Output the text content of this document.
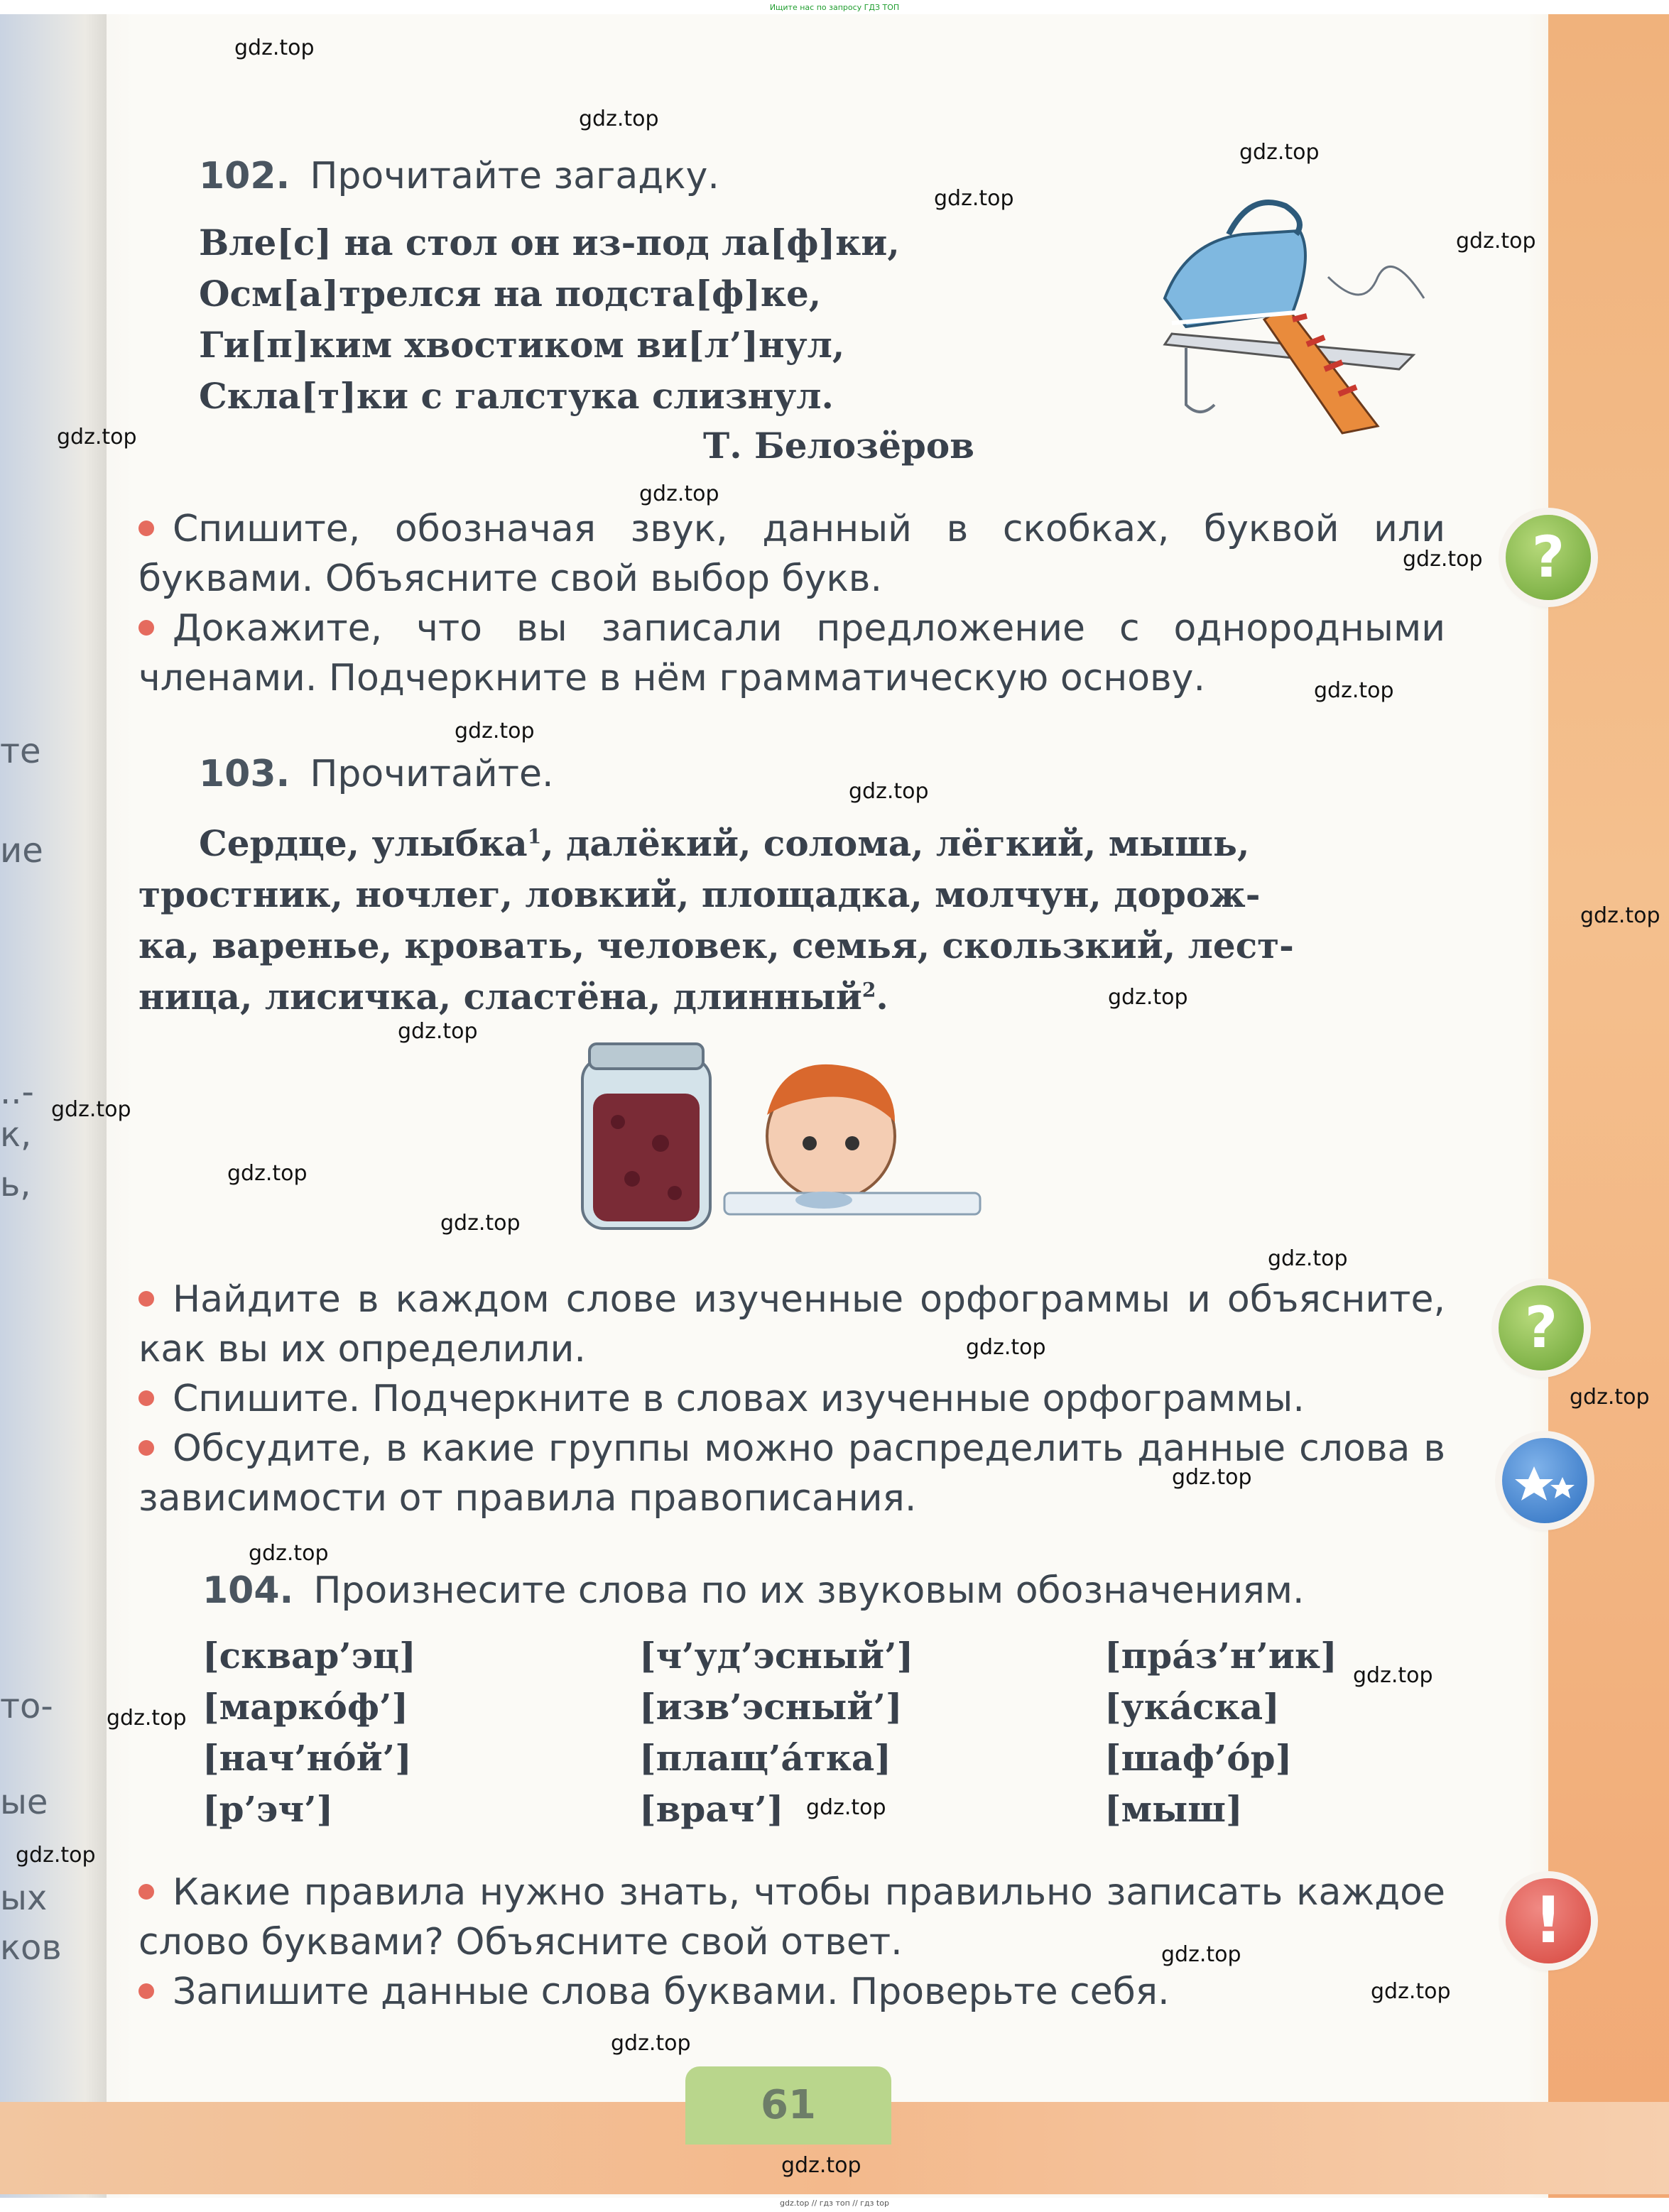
Ищите нас по запросу ГДЗ ТОП
gdz.top // гдз топ // гдз top
те
ие
..-
к,
ь,
то-
ые
ых
ков
102. Прочитайте загадку.
Вле[с] на стол он из-под ла[ф]ки,
Осм[а]трелся на подста[ф]ке,
Ги[п]ким хвостиком ви[л’]нул,
Скла[т]ки с галстука слизнул.
Т. Белозёров
Спишите, обозначая звук, данный в скобках, буквой или буквами. Объясните свой выбор букв.
Докажите, что вы записали предложение с однородными членами. Подчеркните в нём грамматическую основу.
103. Прочитайте.
Сердце, улыбка$^1$, далёкий, солома, лёгкий, мышь,
тростник, ночлег, ловкий, площадка, молчун, дорож-
ка, варенье, кровать, человек, семья, скользкий, лест-
ница, лисичка, сластёна, длинный$^2$.
Найдите в каждом слове изученные орфограммы и объясните, как вы их определили.
Спишите. Подчеркните в словах изученные орфограммы.
Обсудите, в какие группы можно распределить данные слова в зависимости от правила правописания.
104. Произнесите слова по их звуковым обозначениям.
[сквар’эц]
[маркóф’]
[нач’нóй’]
[р’эч’]
[ч’уд’эсный’]
[изв’эсный’]
[плащ’áтка]
[врач’]
[прáз’н’ик]
[укáска]
[шаф’óр]
[мыш]
Какие правила нужно знать, чтобы правильно записать каждое слово буквами? Объясните свой ответ.
Запишите данные слова буквами. Проверьте себя.
?
?
!
61
gdz.top
gdz.top
gdz.top
gdz.top
gdz.top
gdz.top
gdz.top
gdz.top
gdz.top
gdz.top
gdz.top
gdz.top
gdz.top
gdz.top
gdz.top
gdz.top
gdz.top
gdz.top
gdz.top
gdz.top
gdz.top
gdz.top
gdz.top
gdz.top
gdz.top
gdz.top
gdz.top
gdz.top
gdz.top
gdz.top
